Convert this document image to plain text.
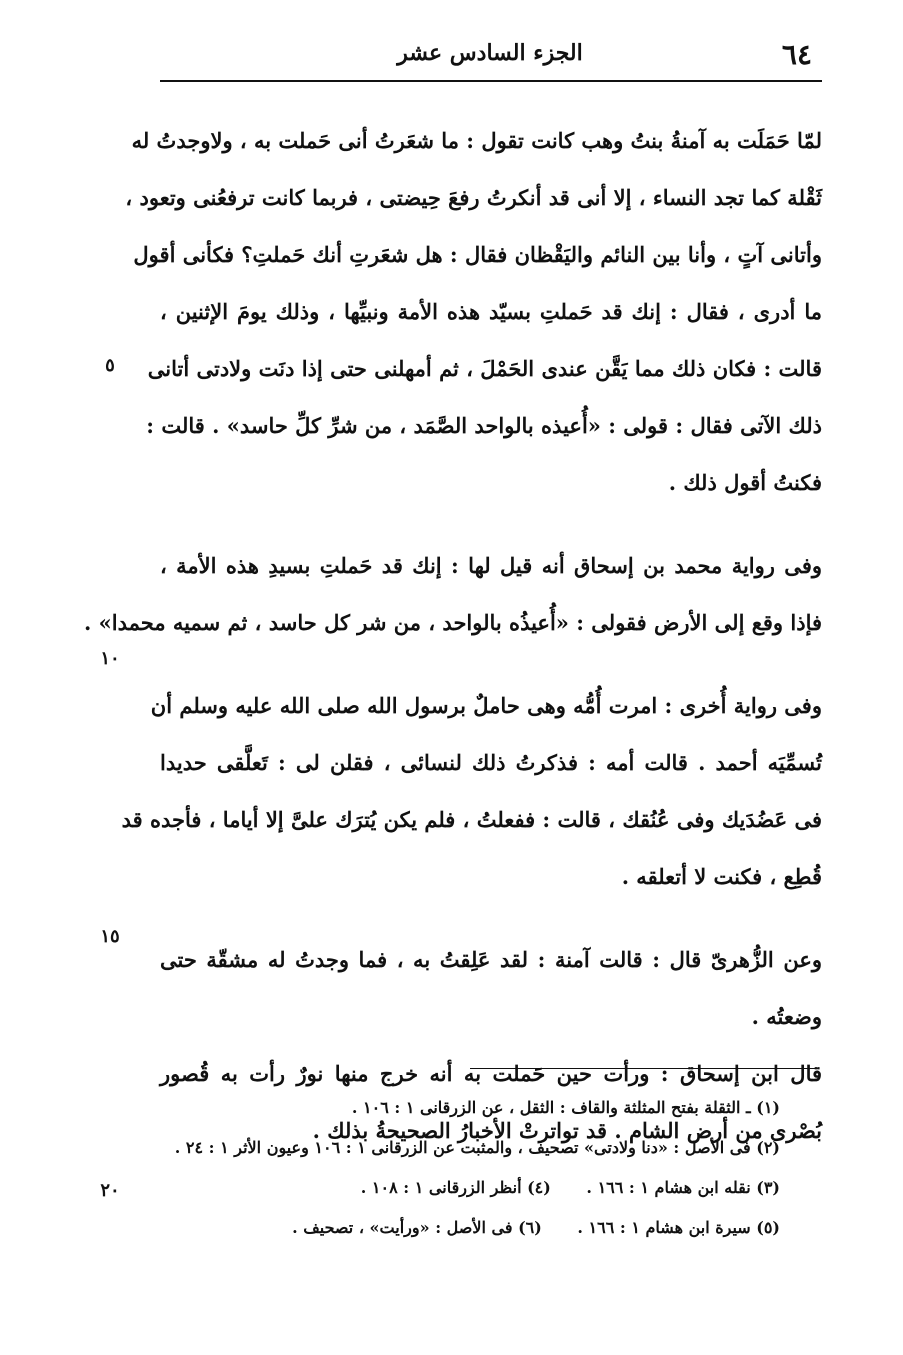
٦٤
الجزء السادس عشر
لمّا حَمَلَت به آمنةُ بنتُ وهب كانت تقول : ما شعَرتُ أنى حَملت به ، ولاوجدتُ له
ثَقْلة كما تجد النساء ، إلا أنى قد أنكرتُ رفعَ حِيضتى ، فربما كانت ترفعُنى وتعود ،
وأتانى آتٍ ، وأنا بين النائم واليَقْظان فقال : هل شعَرتِ أنك حَملتِ؟ فكأنى أقول
ما أدرى ، فقال : إنك قد حَملتِ بسيّد هذه الأمة ونبيِّها ، وذلك يومَ الإثنين ،
قالت : فكان ذلك مما يَقَّن عندى الحَمْلَ ، ثم أمهلنى حتى إذا دنَت ولادتى أتانى
ذلك الآتى فقال : قولى : «أُعيذه بالواحد الصَّمَد ، من شرِّ كلِّ حاسد» . قالت :
فكنتُ أقول ذلك .
وفى رواية محمد بن إسحاق أنه قيل لها : إنك قد حَملتِ بسيدِ هذه الأمة ،
فإذا وقع إلى الأرض فقولى : «أُعيذُه بالواحد ، من شر كل حاسد ، ثم سميه محمدا» .
وفى رواية أُخرى : امرت أُمُّه وهى حاملٌ برسول الله صلى الله عليه وسلم أن
تُسمِّيَه أحمد . قالت أمه : فذكرتُ ذلك لنسائى ، فقلن لى : تَعلَّقى حديدا
فى عَضُدَيك وفى عُنُقك ، قالت : ففعلتُ ، فلم يكن يُترَك علىَّ إلا أياما ، فأجده قد
قُطِع ، فكنت لا أتعلقه .
وعن الزُّهرىّ قال : قالت آمنة : لقد عَلِقتُ به ، فما وجدتُ له مشقّة حتى
وضعتُه .
قال ابن إسحاق : ورأت حين حَملت به أنه خرج منها نورٌ رأت به قُصور
بُصْرى من أرض الشام . قد تواترتْ الأخبارُ الصحيحةُ بذلك .
٥
١٠
١٥
٢٠
(١) ـ الثقلة بفتح المثلثة والقاف : الثقل ، عن الزرقانى ١ : ١٠٦ .
(٢) فى الأصل : «دنا ولادتى» تصحيف ، والمثبت عن الزرقانى ١ : ١٠٦ وعيون الأثر ١ : ٢٤ .
(٣) نقله ابن هشام ١ : ١٦٦ . (٤) أنظر الزرقانى ١ : ١٠٨ .
(٥) سيرة ابن هشام ١ : ١٦٦ . (٦) فى الأصل : «ورأيت» ، تصحيف .
